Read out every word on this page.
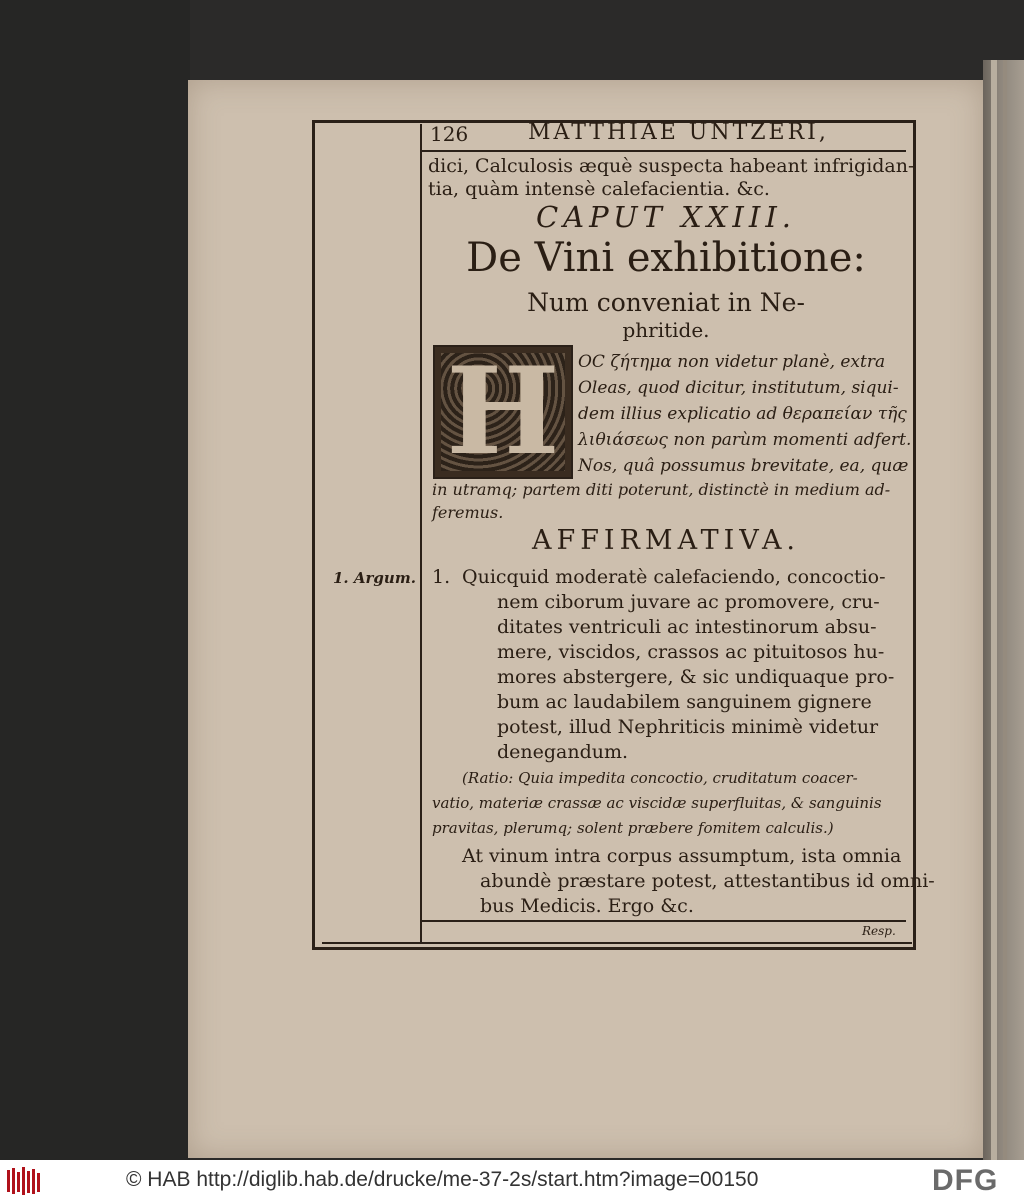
126	MATTHIAE UNTZERI,
dici, Calculosis æquè suspecta habeant infrigidan-
tia, quàm intensè calefacientia. &c.
CAPUT XXIII.
De Vini exhibitione:
Num conveniat in Ne-
phritide.
H OC ζήτημα non videtur planè, extra
Oleas, quod dicitur, institutum, siqui-
dem illius explicatio ad θεραπείαν τῆς
λιθιάσεως non parùm momenti adfert.
Nos, quâ possumus brevitate, ea, quæ
in utramq; partem diti poterunt, distinctè in medium ad-
feremus.
AFFIRMATIVA.
1. Argum. 1. Quicquid moderatè calefaciendo, concoctio-
nem ciborum juvare ac promovere, cru-
ditates ventriculi ac intestinorum absu-
mere, viscidos, crassos ac pituitosos hu-
mores abstergere, & sic undiquaque pro-
bum ac laudabilem sanguinem gignere
potest, illud Nephriticis minimè videtur
denegandum.
(Ratio: Quia impedita concoctio, cruditatum coacer-
vatio, materiæ crassæ ac viscidæ superfluitas, & sanguinis
pravitas, plerumq; solent præbere fomitem calculis.)
At vinum intra corpus assumptum, ista omnia
abundè præstare potest, attestantibus id omni-
bus Medicis. Ergo &c.
Resp.
© HAB http://diglib.hab.de/drucke/me-37-2s/start.htm?image=00150	DFG
